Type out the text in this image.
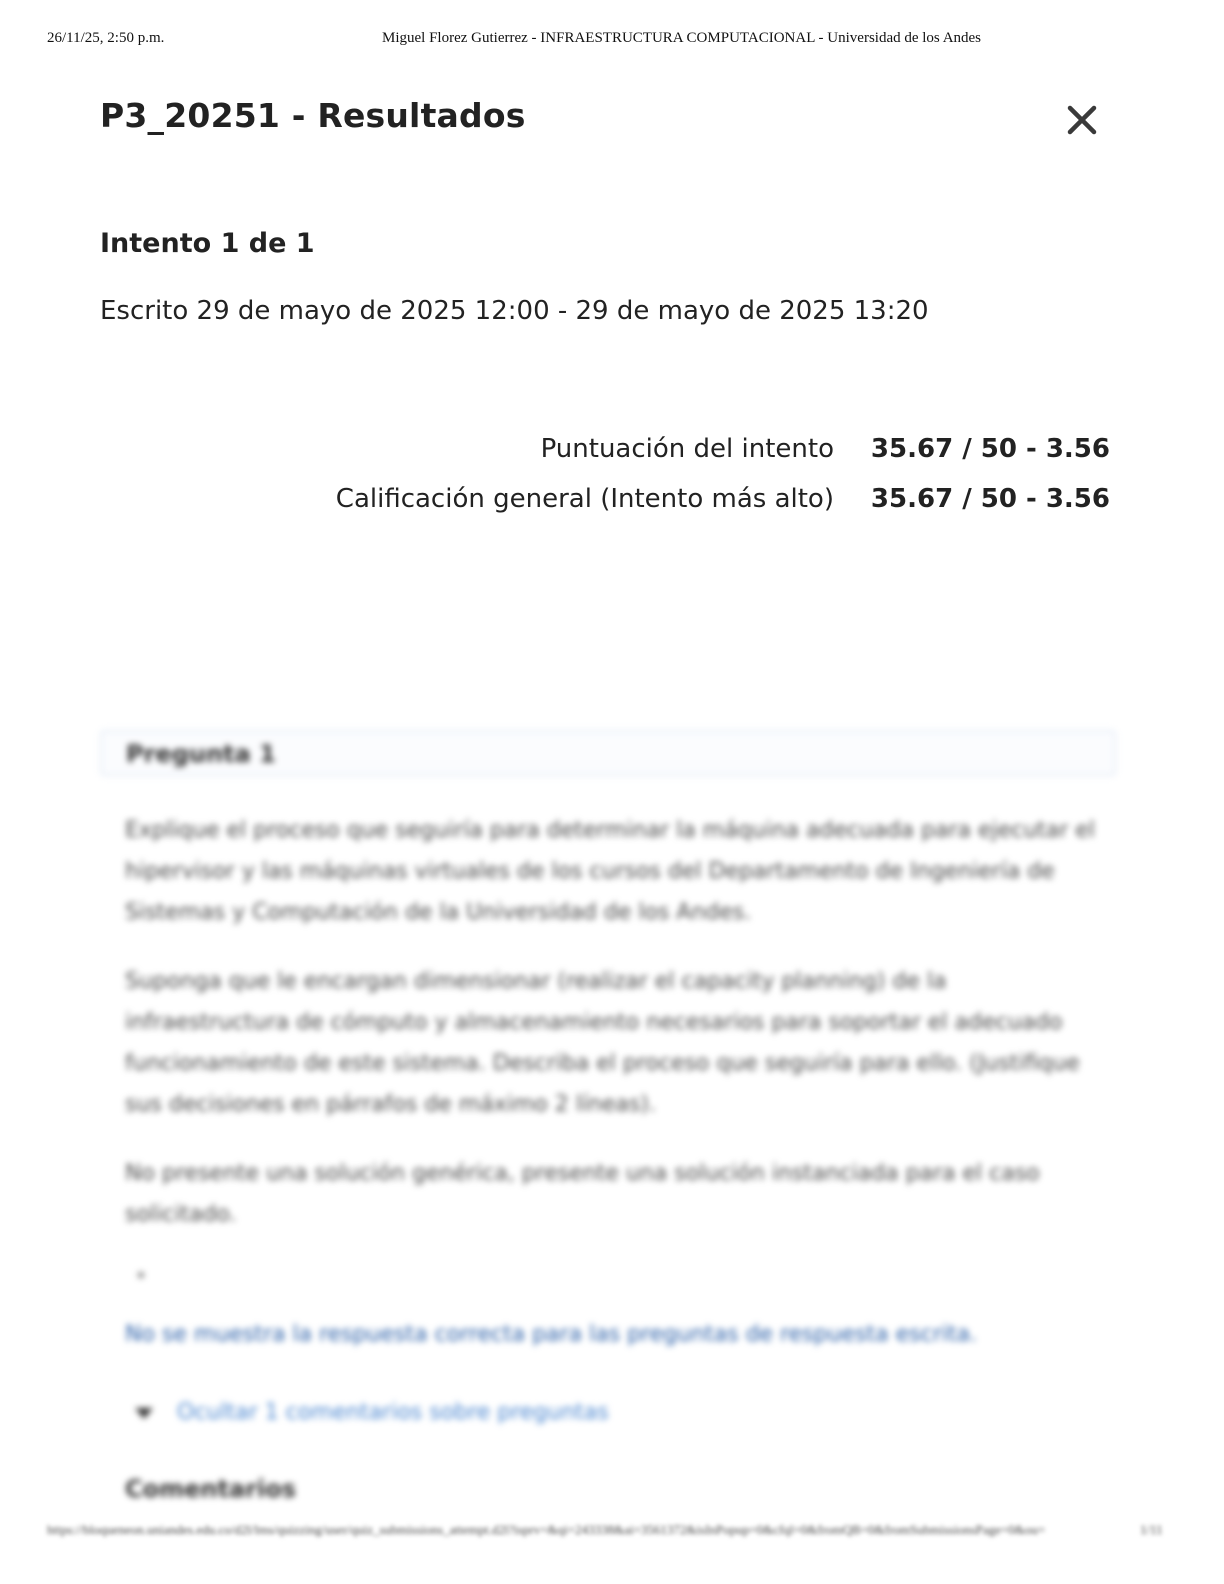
26/11/25, 2:50 p.m.	Miguel Florez Gutierrez - INFRAESTRUCTURA COMPUTACIONAL - Universidad de los Andes
P3_20251 - Resultados
Intento 1 de 1
Escrito 29 de mayo de 2025 12:00 - 29 de mayo de 2025 13:20
Puntuación del intento 35.67 / 50 - 3.56
Calificación general (Intento más alto) 35.67 / 50 - 3.56
Pregunta 1

Explique el proceso que seguiría para determinar la máquina adecuada para ejecutar el hipervisor y las máquinas virtuales de los cursos del Departamento de Ingeniería de Sistemas y Computación de la Universidad de los Andes.

Suponga que le encargan dimensionar (realizar el capacity planning) de la infraestructura de cómputo y almacenamiento necesarios para soportar el adecuado funcionamiento de este sistema. Describa el proceso que seguiría para ello. (Justifique sus decisiones en párrafos de máximo 2 líneas).

No presente una solución genérica, presente una solución instanciada para el caso solicitado.

No se muestra la respuesta correcta para las preguntas de respuesta escrita.
Ocultar 1 comentarios sobre preguntas
Comentarios
https://bloqueneon.uniandes.edu.co/d2l/lms/quizzing/user/quiz_submissions_attempt.d2l?isprv=&qi=243338&ai=3561372&isInPopup=0&cfql=0&fromQB=0&fromSubmissionsPage=0&ou=	1/11
